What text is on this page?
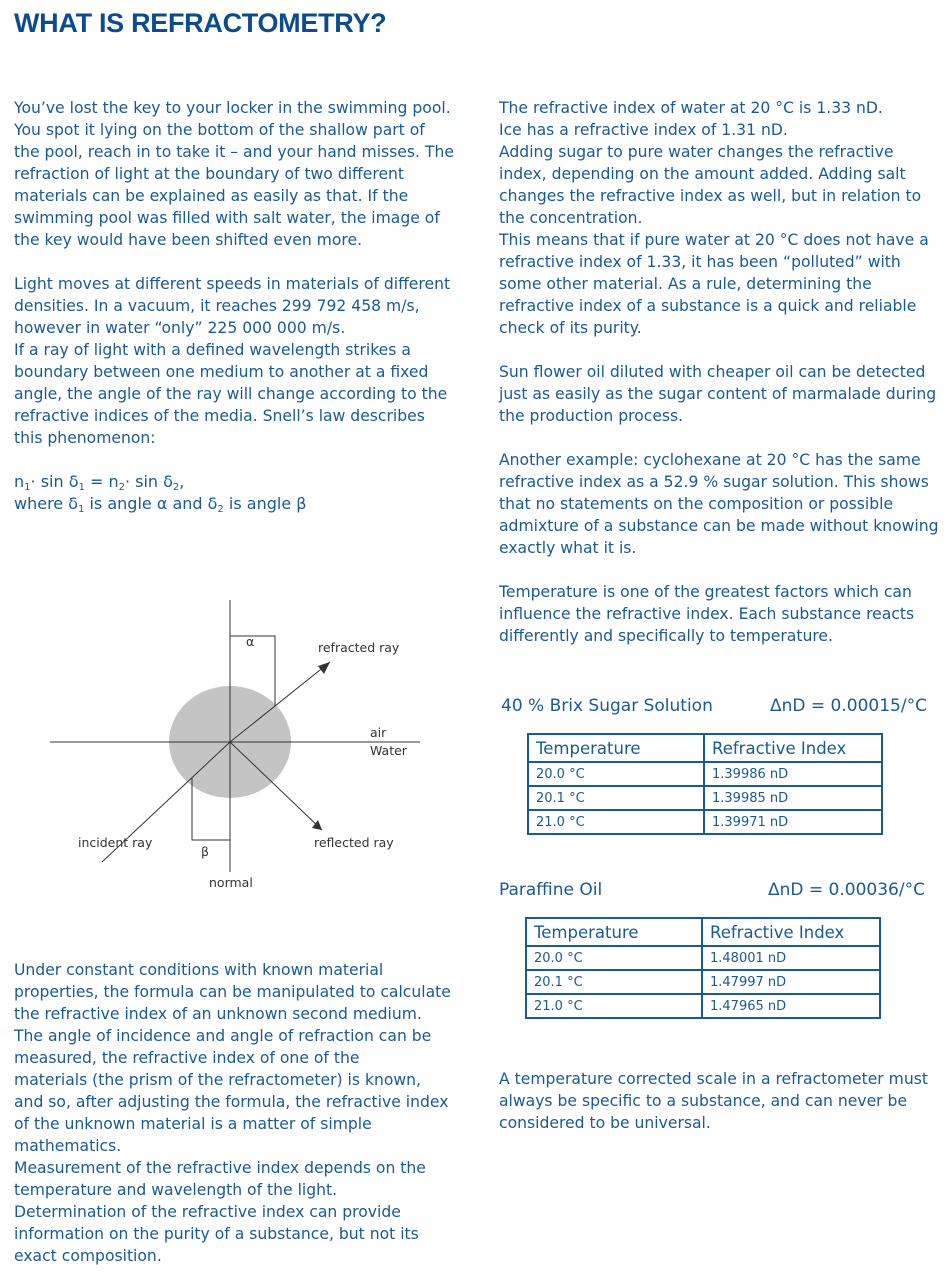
WHAT IS REFRACTOMETRY?

You’ve lost the key to your locker in the swimming pool. You spot it lying on the bottom of the shallow part of the pool, reach in to take it – and your hand misses. The refraction of light at the boundary of two different materials can be explained as easily as that. If the swimming pool was filled with salt water, the image of the key would have been shifted even more.

Light moves at different speeds in materials of different densities. In a vacuum, it reaches 299 792 458 m/s, however in water “only” 225 000 000 m/s.
If a ray of light with a defined wavelength strikes a boundary between one medium to another at a fixed angle, the angle of the ray will change according to the refractive indices of the media. Snell’s law describes this phenomenon:

$n_1\cdot \sin \delta_1 = n_2\cdot \sin \delta_2$,
where $\delta_1$ is angle α and $\delta_2$ is angle β

α
β
refracted ray
air
Water
incident ray	reflected ray
normal

Under constant conditions with known material properties, the formula can be manipulated to calculate the refractive index of an unknown second medium.
The angle of incidence and angle of refraction can be measured, the refractive index of one of the
materials (the prism of the refractometer) is known, and so, after adjusting the formula, the refractive index of the unknown material is a matter of simple mathematics.
Measurement of the refractive index depends on the temperature and wavelength of the light. Determination of the refractive index can provide information on the purity of a substance, but not its exact composition.

The refractive index of water at 20 °C is 1.33 nD.
Ice has a refractive index of 1.31 nD.
Adding sugar to pure water changes the refractive index, depending on the amount added. Adding salt changes the refractive index as well, but in relation to the concentration.
This means that if pure water at 20 °C does not have a refractive index of 1.33, it has been “polluted” with some other material. As a rule, determining the refractive index of a substance is a quick and reliable check of its purity.

Sun flower oil diluted with cheaper oil can be detected just as easily as the sugar content of marmalade during the production process.

Another example: cyclohexane at 20 °C has the same refractive index as a 52.9 % sugar solution. This shows that no statements on the composition or possible admixture of a substance can be made without knowing exactly what it is.

Temperature is one of the greatest factors which can influence the refractive index. Each substance reacts differently and specifically to temperature.

40 % Brix Sugar Solution	ΔnD = 0.00015/°C
Temperature	Refractive Index
20.0 °C	1.39986 nD
20.1 °C	1.39985 nD
21.0 °C	1.39971 nD
Paraffine Oil	ΔnD = 0.00036/°C
Temperature	Refractive Index
20.0 °C	1.48001 nD
20.1 °C	1.47997 nD
21.0 °C	1.47965 nD
A temperature corrected scale in a refractometer must always be specific to a substance, and can never be considered to be universal.
